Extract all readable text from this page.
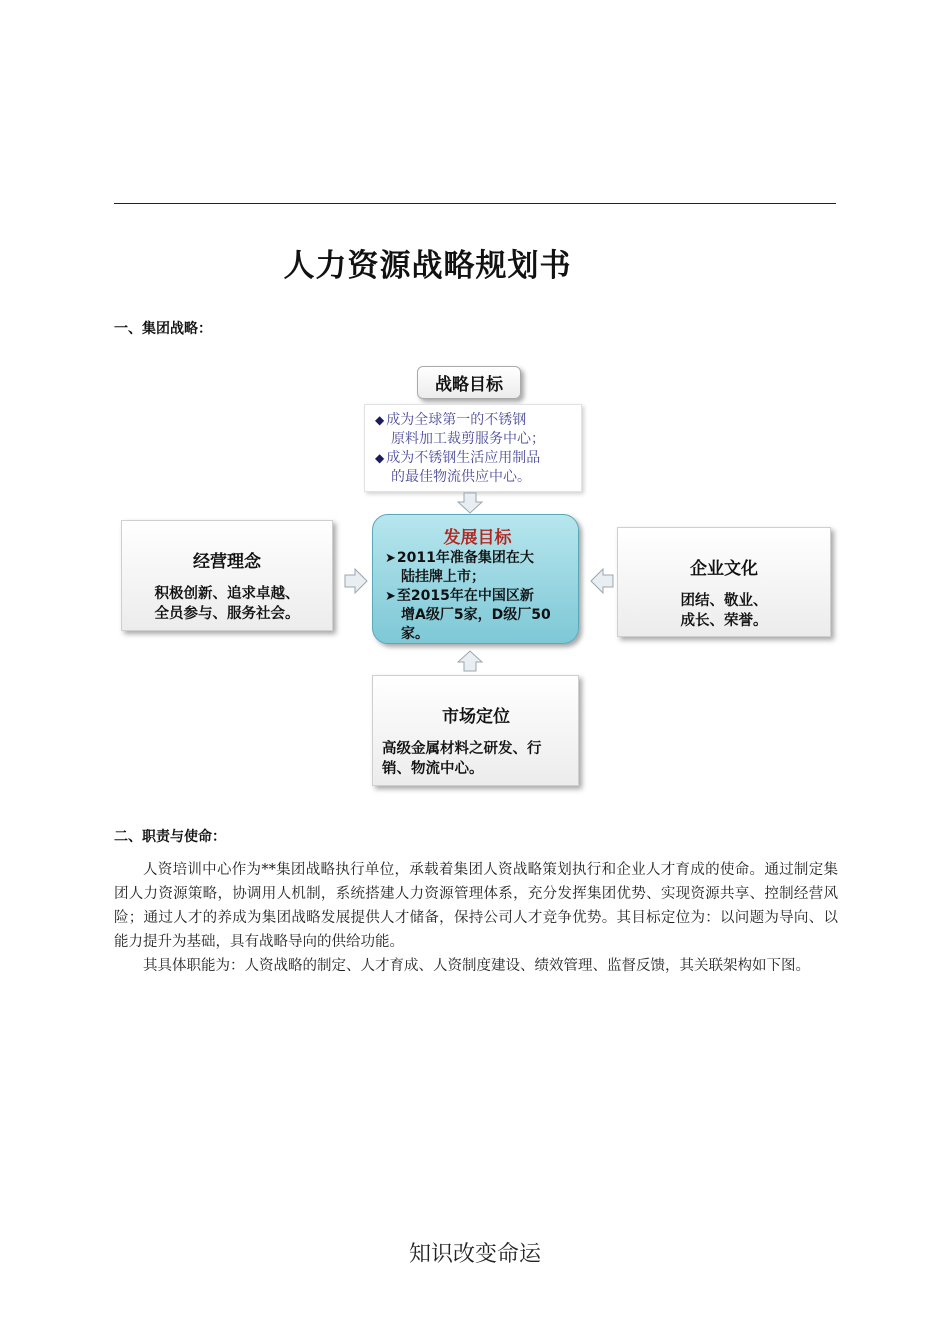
人力资源战略规划书
一、集团战略：
战略目标
◆ 成为全球第一的不锈钢
原料加工裁剪服务中心；
◆ 成为不锈钢生活应用制品
的最佳物流供应中心。
经营理念
积极创新、追求卓越、
全员参与、服务社会。
发展目标
➤2011年准备集团在大
陆挂牌上市；
➤至2015年在中国区新
增A级厂5家，D级厂50
家。
企业文化
团结、敬业、
成长、荣誉。
市场定位
高级金属材料之研发、行
销、物流中心。
二、职责与使命：
人资培训中心作为**集团战略执行单位，承载着集团人资战略策划执行和企业人才育成的使命。通过制定集团人力资源策略，协调用人机制，系统搭建人力资源管理体系，充分发挥集团优势、实现资源共享、控制经营风险；通过人才的养成为集团战略发展提供人才储备，保持公司人才竞争优势。其目标定位为：以问题为导向、以能力提升为基础，具有战略导向的供给功能。
其具体职能为：人资战略的制定、人才育成、人资制度建设、绩效管理、监督反馈，其关联架构如下图。
知识改变命运
